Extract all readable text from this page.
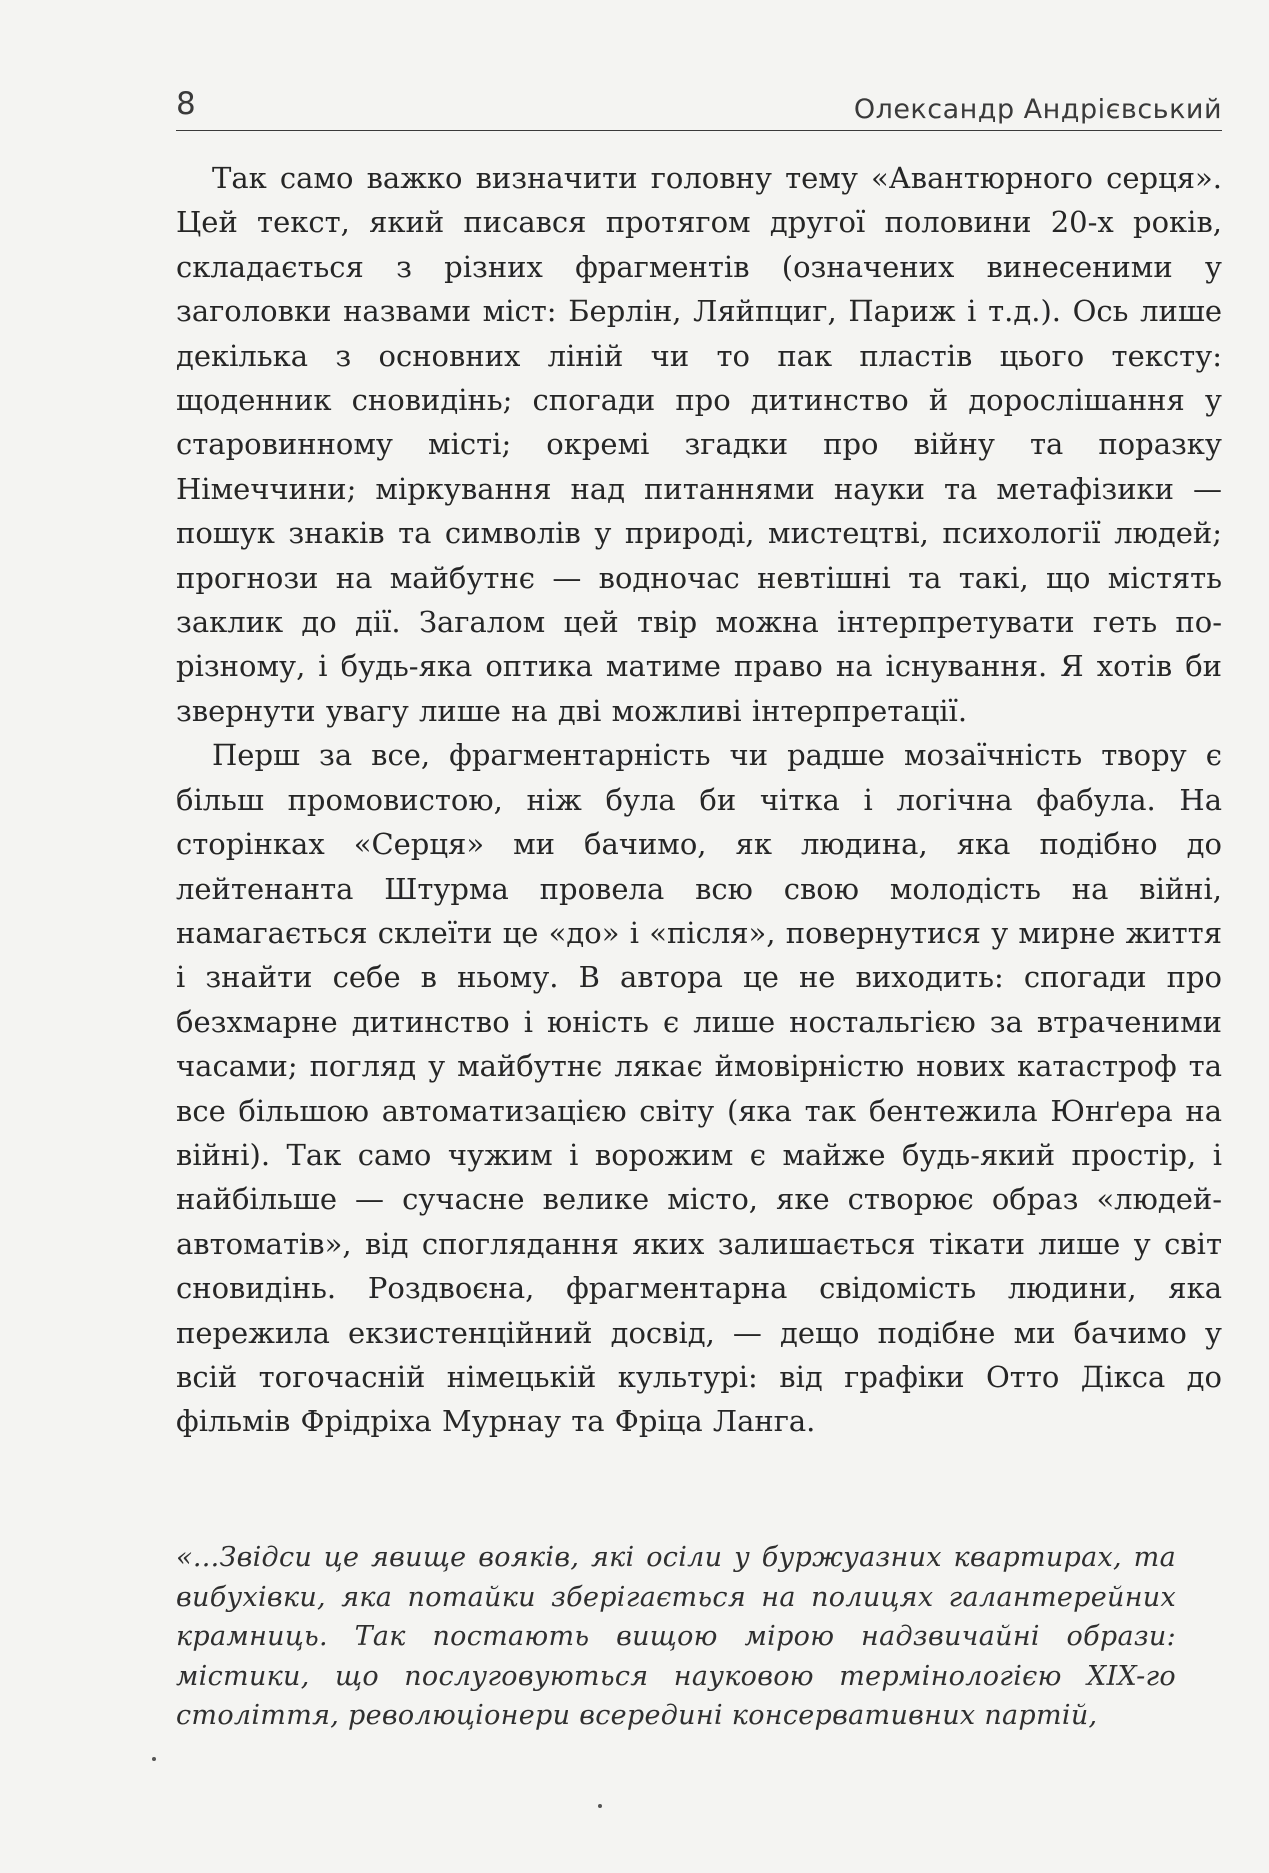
8	Олександр Андрієвський

Так само важко визначити головну тему «Авантюрного серця». Цей текст, який писався протягом другої половини 20-х років, складається з різних фрагментів (означених винесеними у заголовки назвами міст: Берлін, Ляйпциг, Париж і т.д.). Ось лише декілька з основних ліній чи то пак пластів цього тексту: щоденник сновидінь; спогади про дитинство й дорослішання у старовинному місті; окремі згадки про війну та поразку Німеччини; міркування над питаннями науки та метафізики — пошук знаків та символів у природі, мистецтві, психології людей; прогнози на майбутнє — водночас невтішні та такі, що містять заклик до дії. Загалом цей твір можна інтерпретувати геть по-різному, і будь-яка оптика матиме право на існування. Я хотів би звернути увагу лише на дві можливі інтерпретації.

Перш за все, фрагментарність чи радше мозаїчність твору є більш промовистою, ніж була би чітка і логічна фабула. На сторінках «Серця» ми бачимо, як людина, яка подібно до лейтенанта Штурма провела всю свою молодість на війні, намагається склеїти це «до» і «після», повернутися у мирне життя і знайти себе в ньому. В автора це не виходить: спогади про безхмарне дитинство і юність є лише ностальгією за втраченими часами; погляд у майбутнє лякає ймовірністю нових катастроф та все більшою автоматизацією світу (яка так бентежила Юнґера на війні). Так само чужим і ворожим є майже будь-який простір, і найбільше — сучасне велике місто, яке створює образ «людей-автоматів», від споглядання яких залишається тікати лише у світ сновидінь. Роздвоєна, фрагментарна свідомість людини, яка пережила екзистенційний досвід, — дещо подібне ми бачимо у всій тогочасній німецькій культурі: від графіки Отто Дікса до фільмів Фрідріха Мурнау та Фріца Ланга.

«...Звідси це явище вояків, які осіли у буржуазних квартирах, та вибухівки, яка потайки зберігається на полицях галантерейних крамниць. Так постають вищою мірою надзвичайні образи: містики, що послуговуються науковою термінологією XIX-го століття, революціонери всередині консервативних партій,
